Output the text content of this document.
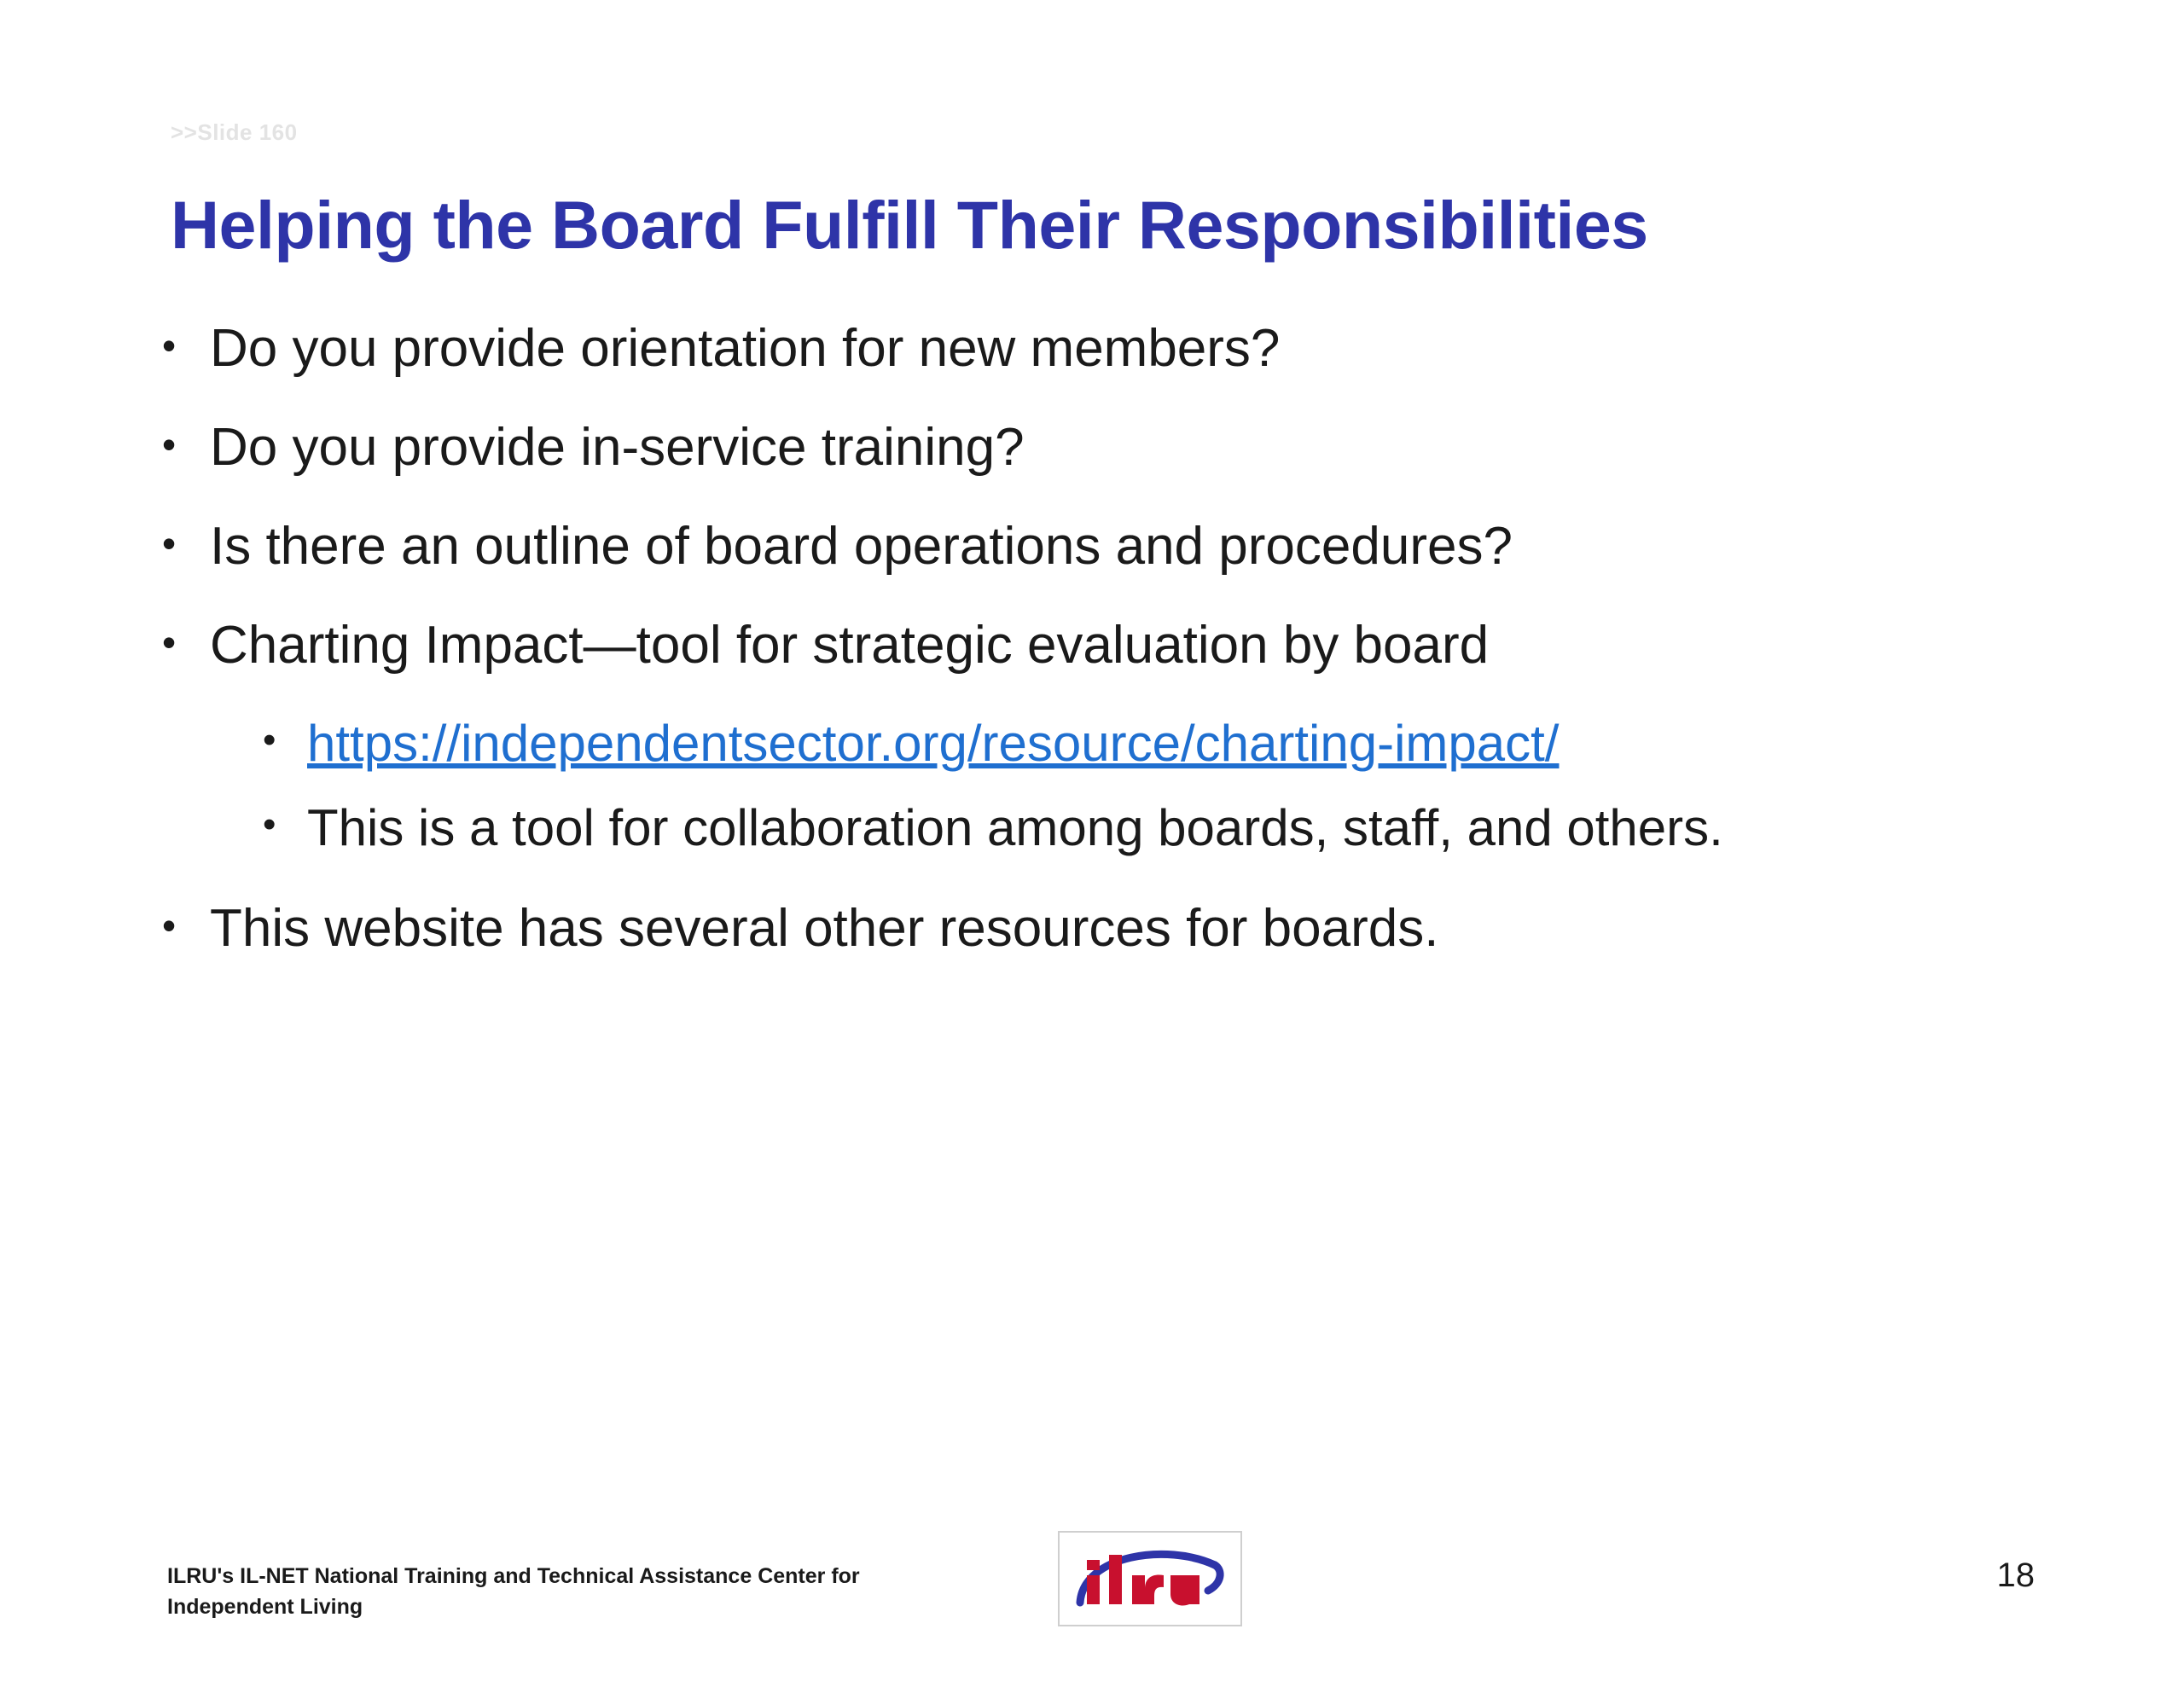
>>Slide 160
Helping the Board Fulfill Their Responsibilities
• Do you provide orientation for new members?
• Do you provide in-service training?
• Is there an outline of board operations and procedures?
• Charting Impact—tool for strategic evaluation by board
• https://independentsector.org/resource/charting-impact/
• This is a tool for collaboration among boards, staff, and others.
• This website has several other resources for boards.
ILRU's IL-NET National Training and Technical Assistance Center for Independent Living
18
